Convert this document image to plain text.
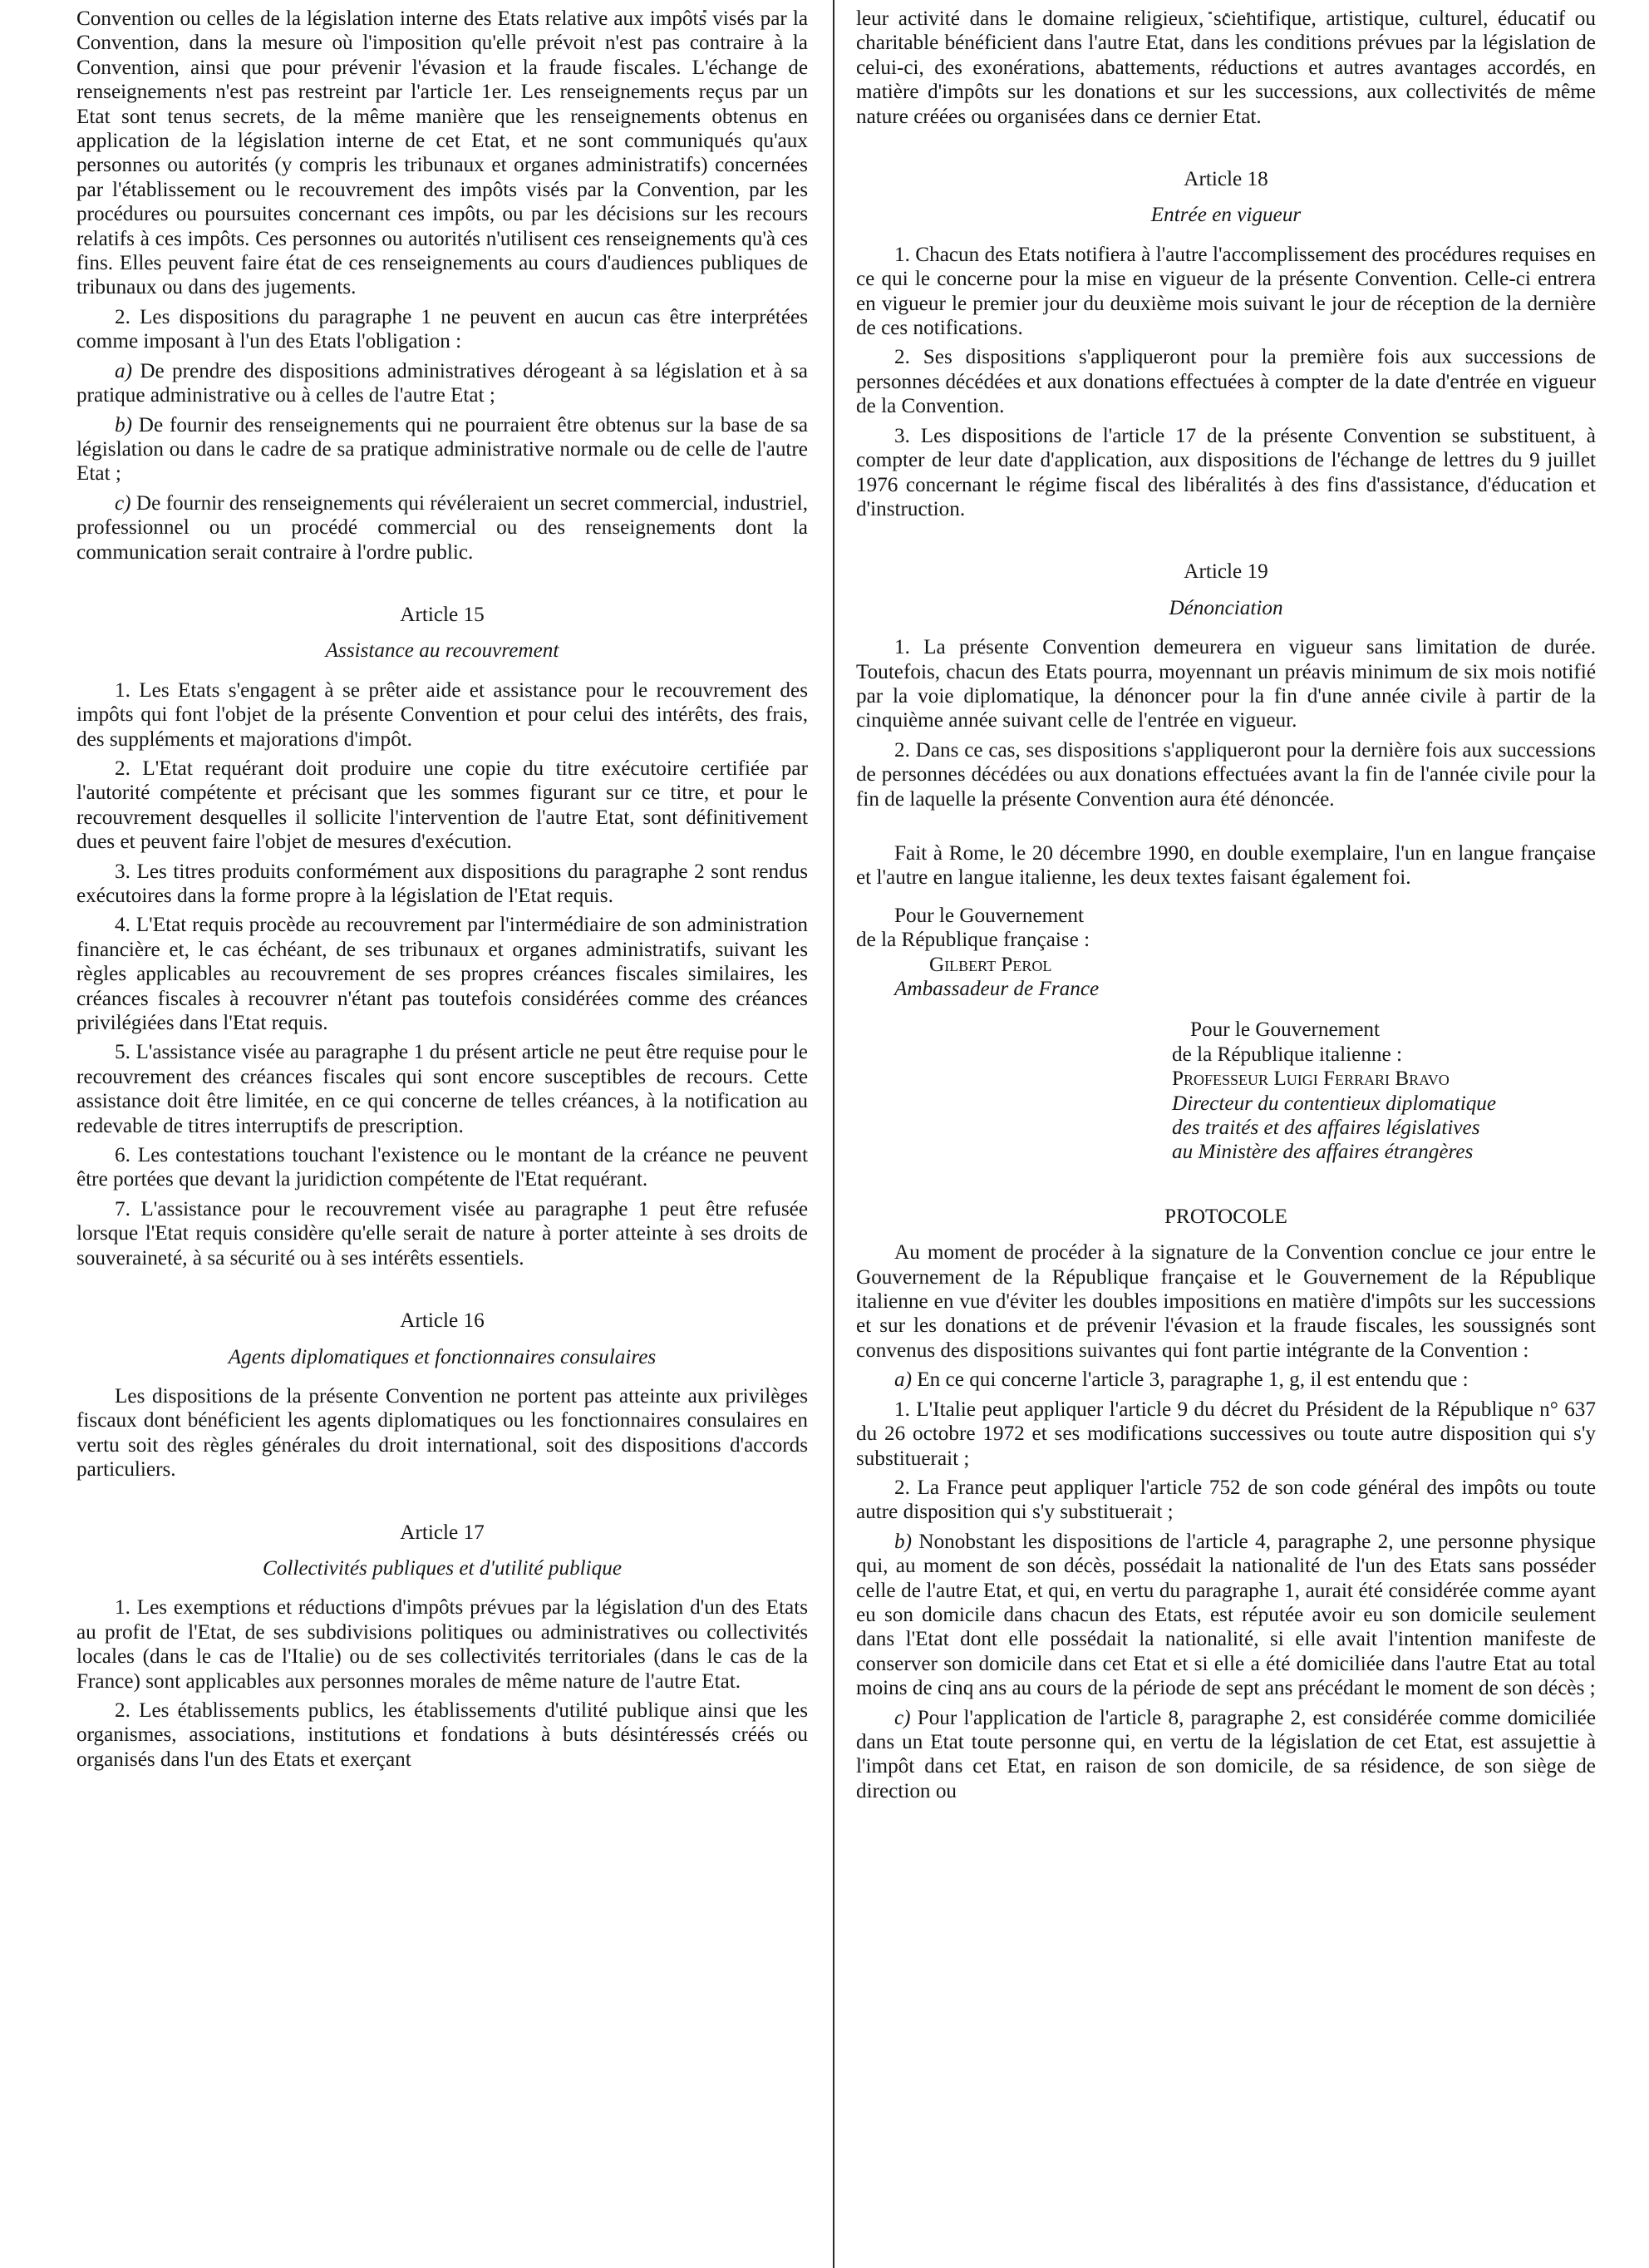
Convention ou celles de la législation interne des Etats relative aux impôts visés par la Convention, dans la mesure où l'imposition qu'elle prévoit n'est pas contraire à la Convention, ainsi que pour prévenir l'évasion et la fraude fiscales. L'échange de renseignements n'est pas restreint par l'article 1er. Les renseignements reçus par un Etat sont tenus secrets, de la même manière que les renseignements obtenus en application de la législation interne de cet Etat, et ne sont communiqués qu'aux personnes ou autorités (y compris les tribunaux et organes administratifs) concernées par l'établissement ou le recouvrement des impôts visés par la Convention, par les procédures ou poursuites concernant ces impôts, ou par les décisions sur les recours relatifs à ces impôts. Ces personnes ou autorités n'utilisent ces renseignements qu'à ces fins. Elles peuvent faire état de ces renseignements au cours d'audiences publiques de tribunaux ou dans des jugements.

2. Les dispositions du paragraphe 1 ne peuvent en aucun cas être interprétées comme imposant à l'un des Etats l'obligation :

a) De prendre des dispositions administratives dérogeant à sa législation et à sa pratique administrative ou à celles de l'autre Etat ;

b) De fournir des renseignements qui ne pourraient être obtenus sur la base de sa législation ou dans le cadre de sa pratique administrative normale ou de celle de l'autre Etat ;

c) De fournir des renseignements qui révéleraient un secret commercial, industriel, professionnel ou un procédé commercial ou des renseignements dont la communication serait contraire à l'ordre public.

Article 15

Assistance au recouvrement

1. Les Etats s'engagent à se prêter aide et assistance pour le recouvrement des impôts qui font l'objet de la présente Convention et pour celui des intérêts, des frais, des suppléments et majorations d'impôt.

2. L'Etat requérant doit produire une copie du titre exécutoire certifiée par l'autorité compétente et précisant que les sommes figurant sur ce titre, et pour le recouvrement desquelles il sollicite l'intervention de l'autre Etat, sont définitivement dues et peuvent faire l'objet de mesures d'exécution.

3. Les titres produits conformément aux dispositions du paragraphe 2 sont rendus exécutoires dans la forme propre à la législation de l'Etat requis.

4. L'Etat requis procède au recouvrement par l'intermédiaire de son administration financière et, le cas échéant, de ses tribunaux et organes administratifs, suivant les règles applicables au recouvrement de ses propres créances fiscales similaires, les créances fiscales à recouvrer n'étant pas toutefois considérées comme des créances privilégiées dans l'Etat requis.

5. L'assistance visée au paragraphe 1 du présent article ne peut être requise pour le recouvrement des créances fiscales qui sont encore susceptibles de recours. Cette assistance doit être limitée, en ce qui concerne de telles créances, à la notification au redevable de titres interruptifs de prescription.

6. Les contestations touchant l'existence ou le montant de la créance ne peuvent être portées que devant la juridiction compétente de l'Etat requérant.

7. L'assistance pour le recouvrement visée au paragraphe 1 peut être refusée lorsque l'Etat requis considère qu'elle serait de nature à porter atteinte à ses droits de souveraineté, à sa sécurité ou à ses intérêts essentiels.

Article 16

Agents diplomatiques et fonctionnaires consulaires

Les dispositions de la présente Convention ne portent pas atteinte aux privilèges fiscaux dont bénéficient les agents diplomatiques ou les fonctionnaires consulaires en vertu soit des règles générales du droit international, soit des dispositions d'accords particuliers.

Article 17

Collectivités publiques et d'utilité publique

1. Les exemptions et réductions d'impôts prévues par la législation d'un des Etats au profit de l'Etat, de ses subdivisions politiques ou administratives ou collectivités locales (dans le cas de l'Italie) ou de ses collectivités territoriales (dans le cas de la France) sont applicables aux personnes morales de même nature de l'autre Etat.

2. Les établissements publics, les établissements d'utilité publique ainsi que les organismes, associations, institutions et fondations à buts désintéressés créés ou organisés dans l'un des Etats et exerçant

leur activité dans le domaine religieux, scientifique, artistique, culturel, éducatif ou charitable bénéficient dans l'autre Etat, dans les conditions prévues par la législation de celui-ci, des exonérations, abattements, réductions et autres avantages accordés, en matière d'impôts sur les donations et sur les successions, aux collectivités de même nature créées ou organisées dans ce dernier Etat.

Article 18

Entrée en vigueur

1. Chacun des Etats notifiera à l'autre l'accomplissement des procédures requises en ce qui le concerne pour la mise en vigueur de la présente Convention. Celle-ci entrera en vigueur le premier jour du deuxième mois suivant le jour de réception de la dernière de ces notifications.

2. Ses dispositions s'appliqueront pour la première fois aux successions de personnes décédées et aux donations effectuées à compter de la date d'entrée en vigueur de la Convention.

3. Les dispositions de l'article 17 de la présente Convention se substituent, à compter de leur date d'application, aux dispositions de l'échange de lettres du 9 juillet 1976 concernant le régime fiscal des libéralités à des fins d'assistance, d'éducation et d'instruction.

Article 19

Dénonciation

1. La présente Convention demeurera en vigueur sans limitation de durée. Toutefois, chacun des Etats pourra, moyennant un préavis minimum de six mois notifié par la voie diplomatique, la dénoncer pour la fin d'une année civile à partir de la cinquième année suivant celle de l'entrée en vigueur.

2. Dans ce cas, ses dispositions s'appliqueront pour la dernière fois aux successions de personnes décédées ou aux donations effectuées avant la fin de l'année civile pour la fin de laquelle la présente Convention aura été dénoncée.

Fait à Rome, le 20 décembre 1990, en double exemplaire, l'un en langue française et l'autre en langue italienne, les deux textes faisant également foi.

Pour le Gouvernement

de la République française :

Gilbert Perol

Ambassadeur de France

Pour le Gouvernement

de la République italienne :

Professeur Luigi Ferrari Bravo

Directeur du contentieux diplomatique

des traités et des affaires législatives

au Ministère des affaires étrangères

PROTOCOLE

Au moment de procéder à la signature de la Convention conclue ce jour entre le Gouvernement de la République française et le Gouvernement de la République italienne en vue d'éviter les doubles impositions en matière d'impôts sur les successions et sur les donations et de prévenir l'évasion et la fraude fiscales, les soussignés sont convenus des dispositions suivantes qui font partie intégrante de la Convention :

a) En ce qui concerne l'article 3, paragraphe 1, g, il est entendu que :

1. L'Italie peut appliquer l'article 9 du décret du Président de la République n° 637 du 26 octobre 1972 et ses modifications successives ou toute autre disposition qui s'y substituerait ;

2. La France peut appliquer l'article 752 de son code général des impôts ou toute autre disposition qui s'y substituerait ;

b) Nonobstant les dispositions de l'article 4, paragraphe 2, une personne physique qui, au moment de son décès, possédait la nationalité de l'un des Etats sans posséder celle de l'autre Etat, et qui, en vertu du paragraphe 1, aurait été considérée comme ayant eu son domicile dans chacun des Etats, est réputée avoir eu son domicile seulement dans l'Etat dont elle possédait la nationalité, si elle avait l'intention manifeste de conserver son domicile dans cet Etat et si elle a été domiciliée dans l'autre Etat au total moins de cinq ans au cours de la période de sept ans précédant le moment de son décès ;

c) Pour l'application de l'article 8, paragraphe 2, est considérée comme domiciliée dans un Etat toute personne qui, en vertu de la législation de cet Etat, est assujettie à l'impôt dans cet Etat, en raison de son domicile, de sa résidence, de son siège de direction ou
